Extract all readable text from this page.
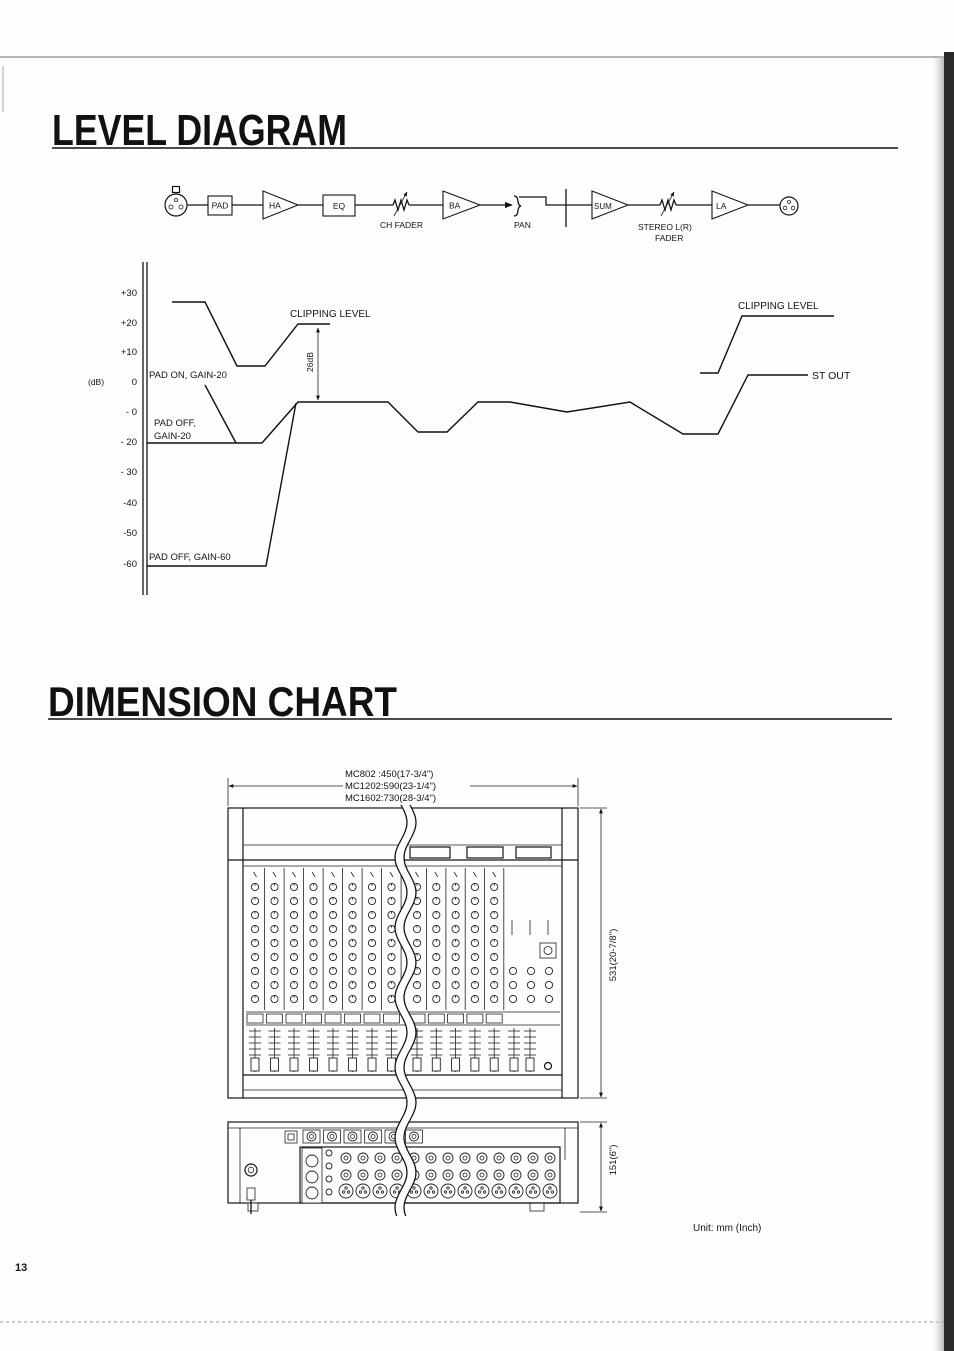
LEVEL DIAGRAM
PAD	HA	EQ
CH FADER
BA
PAN
SUM
STEREO L(R)
FADER
LA
(dB)
+30
+20
+10
0
- 0
- 20
- 30
-40
-50
-60
CLIPPING LEVEL
26dB
PAD ON, GAIN-20
PAD OFF,
GAIN-20
PAD OFF, GAIN-60
ST OUT
CLIPPING LEVEL
DIMENSION CHART
MC802 :450(17-3/4")
MC1202:590(23-1/4")
MC1602:730(28-3/4")
531(20-7/8")
151(6")
Unit: mm (Inch)
13
